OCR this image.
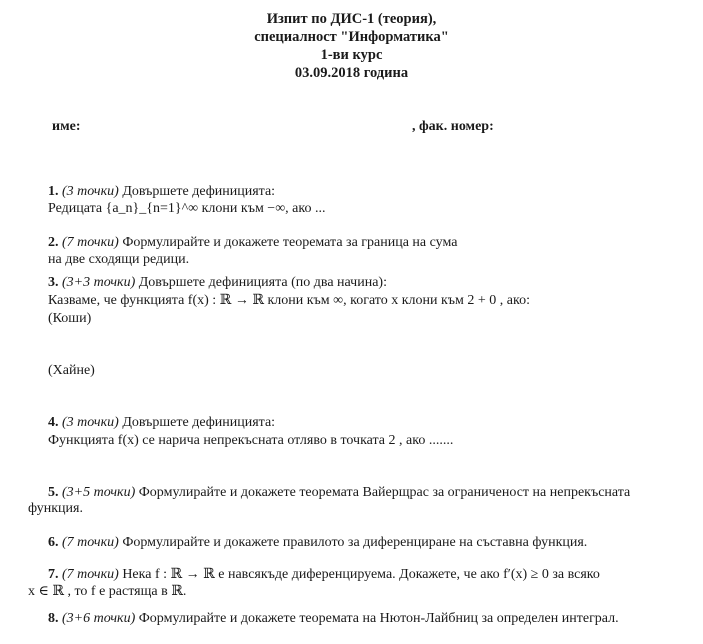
Изпит по ДИС-1 (теория),
специалност "Информатика"
1-ви курс
03.09.2018 година
име:	, фак. номер:
1. (3 точки) Довършете дефиницията:
Редицата {a_n}_{n=1}^∞ клони към −∞, ако ...
2. (7 точки) Формулирайте и докажете теоремата за граница на сума
на две сходящи редици.
3. (3+3 точки) Довършете дефиницията (по два начина):
Казваме, че функцията f(x) : ℝ → ℝ клони към ∞, когато x клони към 2 + 0 , ако:
(Коши)
(Хайне)
4. (3 точки) Довършете дефиницията:
Функцията f(x) се нарича непрекъсната отляво в точката 2 , ако .......
5. (3+5 точки) Формулирайте и докажете теоремата Вайерщрас за ограниченост на непрекъсната
функция.
6. (7 точки) Формулирайте и докажете правилото за диференциране на съставна функция.
7. (7 точки) Нека f : ℝ → ℝ е навсякъде диференцируема. Докажете, че ако f′(x) ≥ 0 за всяко
x ∈ ℝ , то f е растяща в ℝ.
8. (3+6 точки) Формулирайте и докажете теоремата на Нютон-Лайбниц за определен интеграл.
